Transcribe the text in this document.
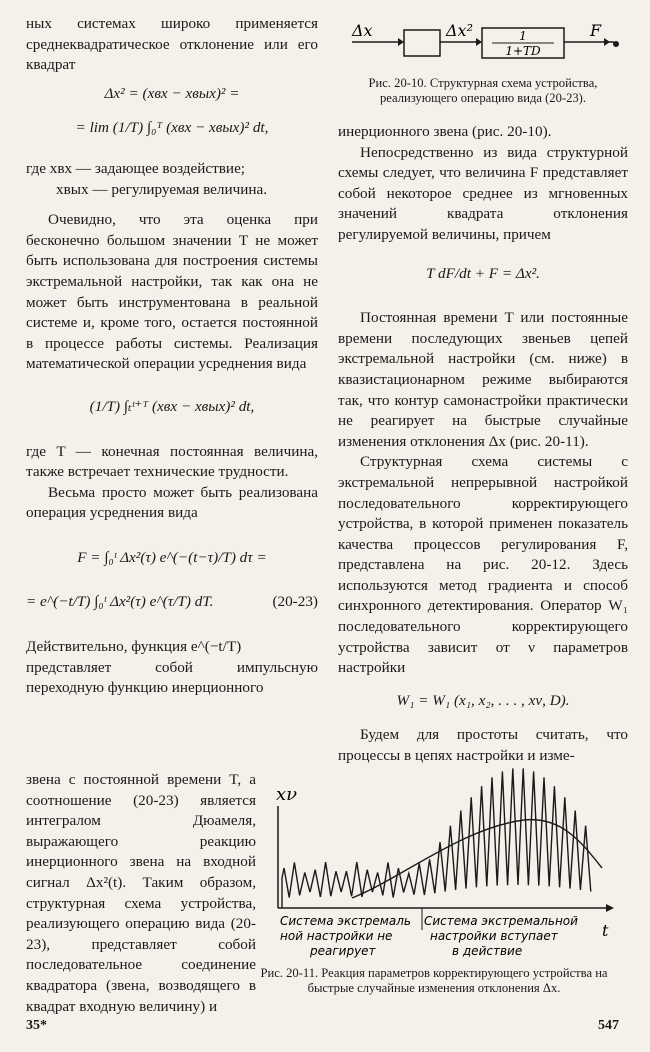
ных системах широко применяется среднеквадратическое отклонение или его квадрат

Δx² = (xвх − xвых)² =
= lim (1/T) ∫₀ᵀ (xвх − xвых)² dt,

где xвх — задающее воздействие;

xвых — регулируемая величина.

Очевидно, что эта оценка при бесконечно большом значении T не может быть использована для построения системы экстремальной настройки, так как она не может быть инструментована в реальной системе и, кроме того, остается постоянной в процессе работы системы. Реализация математической операции усреднения вида

(1/T) ∫ₜᵗ⁺ᵀ (xвх − xвых)² dt,

где T — конечная постоянная величина, также встречает технические трудности.

Весьма просто может быть реализована операция усреднения вида

F = ∫₀ᵗ Δx²(τ) e^(−(t−τ)/T) dτ =
= e^(−t/T) ∫₀ᵗ Δx²(τ) e^(τ/T) dT.	(20-23)

Действительно, функция e^(−t/T)

представляет собой импульсную переходную функцию инерционного

звена с постоянной времени T, а соотношение (20-23) является интегралом Дюамеля, выражающего реакцию инерционного звена на входной сигнал Δx²(t). Таким образом, структурная схема устройства, реализующего операцию вида (20-23), представляет собой последовательное соединение квадратора (звена, возводящего в квадрат входную величину) и

Δx	Δx²	1
1+TD
F

Рис. 20-10. Структурная схема устройства, реализующего операцию вида (20-23).

инерционного звена (рис. 20-10).

Непосредственно из вида структурной схемы следует, что величина F представляет собой некоторое среднее из мгновенных значений квадрата отклонения регулируемой величины, причем

T dF/dt + F = Δx².

Постоянная времени T или постоянные времени последующих звеньев цепей экстремальной настройки (см. ниже) в квазистационарном режиме выбираются так, что контур самонастройки практически не реагирует на быстрые случайные изменения отклонения Δx (рис. 20-11).

Структурная схема системы с экстремальной непрерывной настройкой последовательного корректирующего устройства, в которой применен показатель качества процессов регулирования F, представлена на рис. 20-12. Здесь используются метод градиента и способ синхронного детектирования. Оператор W₁ последовательного корректирующего устройства зависит от ν параметров настройки

W₁ = W₁ (x₁, x₂, . . . , xν, D).

Будем для простоты считать, что процессы в цепях настройки и изме-

xν
t
Система экстремаль ной настройки не реагирует
Система экстремальной настройки вступает в действие
Рис. 20-11. Реакция параметров корректирующего устройства на быстрые случайные изменения отклонения Δx.
35*	547
